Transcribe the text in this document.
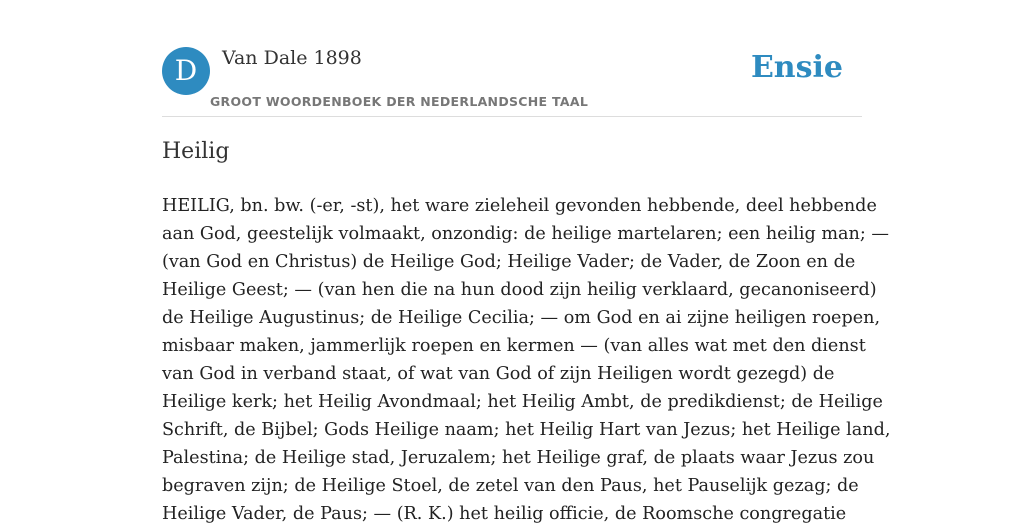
D	Van Dale 1898
GROOT WOORDENBOEK DER NEDERLANDSCHE TAAL
Ensie
Heilig
HEILIG, bn. bw. (-er, -st), het ware zieleheil gevonden hebbende, deel hebbende
aan God, geestelijk volmaakt, onzondig: de heilige martelaren; een heilig man; —
(van God en Christus) de Heilige God; Heilige Vader; de Vader, de Zoon en de
Heilige Geest; — (van hen die na hun dood zijn heilig verklaard, gecanoniseerd)
de Heilige Augustinus; de Heilige Cecilia; — om God en ai zijne heiligen roepen,
misbaar maken, jammerlijk roepen en kermen — (van alles wat met den dienst
van God in verband staat, of wat van God of zijn Heiligen wordt gezegd) de
Heilige kerk; het Heilig Avondmaal; het Heilig Ambt, de predikdienst; de Heilige
Schrift, de Bijbel; Gods Heilige naam; het Heilig Hart van Jezus; het Heilige land,
Palestina; de Heilige stad, Jeruzalem; het Heilige graf, de plaats waar Jezus zou
begraven zijn; de Heilige Stoel, de zetel van den Paus, het Pauselijk gezag; de
Heilige Vader, de Paus; — (R. K.) het heilig officie, de Roomsche congregatie
